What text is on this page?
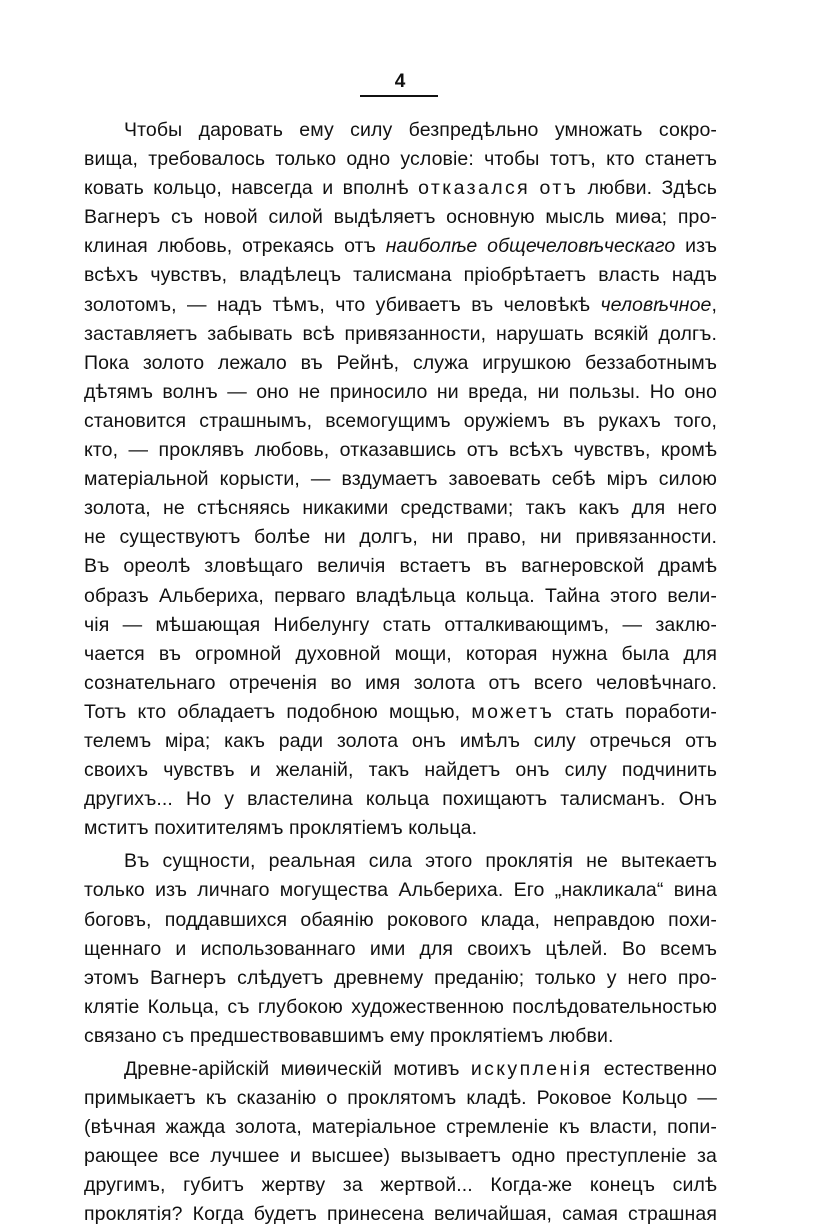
4
Чтобы даровать ему силу безпредѣльно умножать сокро-
вища, требовалось только одно условіе: чтобы тотъ, кто станетъ
ковать кольцо, навсегда и вполнѣ отказался отъ любви. Здѣсь
Вагнеръ съ новой силой выдѣляетъ основную мысль миѳа; про-
клиная любовь, отрекаясь отъ наиболѣе общечеловѣческаго изъ
всѣхъ чувствъ, владѣлецъ талисмана пріобрѣтаетъ власть надъ
золотомъ, — надъ тѣмъ, что убиваетъ въ человѣкѣ человѣчное,
заставляетъ забывать всѣ привязанности, нарушать всякій долгъ.
Пока золото лежало въ Рейнѣ, служа игрушкою беззаботнымъ
дѣтямъ волнъ — оно не приносило ни вреда, ни пользы. Но оно
становится страшнымъ, всемогущимъ оружіемъ въ рукахъ того,
кто, — проклявъ любовь, отказавшись отъ всѣхъ чувствъ, кромѣ
матеріальной корысти, — вздумаетъ завоевать себѣ міръ силою
золота, не стѣсняясь никакими средствами; такъ какъ для него
не существуютъ болѣе ни долгъ, ни право, ни привязанности.
Въ ореолѣ зловѣщаго величія встаетъ въ вагнеровской драмѣ
образъ Альбериха, перваго владѣльца кольца. Тайна этого вели-
чія — мѣшающая Нибелунгу стать отталкивающимъ, — заклю-
чается въ огромной духовной мощи, которая нужна была для
сознательнаго отреченія во имя золота отъ всего человѣчнаго.
Тотъ кто обладаетъ подобною мощью, можетъ стать поработи-
телемъ міра; какъ ради золота онъ имѣлъ силу отречься отъ
своихъ чувствъ и желаній, такъ найдетъ онъ силу подчинить
другихъ... Но у властелина кольца похищаютъ талисманъ. Онъ
мститъ похитителямъ проклятіемъ кольца.
Въ сущности, реальная сила этого проклятія не вытекаетъ
только изъ личнаго могущества Альбериха. Его „накликала“ вина
боговъ, поддавшихся обаянію рокового клада, неправдою похи-
щеннаго и использованнаго ими для своихъ цѣлей. Во всемъ
этомъ Вагнеръ слѣдуетъ древнему преданію; только у него про-
клятіе Кольца, съ глубокою художественною послѣдовательностью
связано съ предшествовавшимъ ему проклятіемъ любви.
Древне-арійскій миѳическій мотивъ искупленія естественно
примыкаетъ къ сказанію о проклятомъ кладѣ. Роковое Кольцо —
(вѣчная жажда золота, матеріальное стремленіе къ власти, попи-
рающее все лучшее и высшее) вызываетъ одно преступленіе за
другимъ, губитъ жертву за жертвой... Когда-же конецъ силѣ
проклятія? Когда будетъ принесена величайшая, самая страшная
